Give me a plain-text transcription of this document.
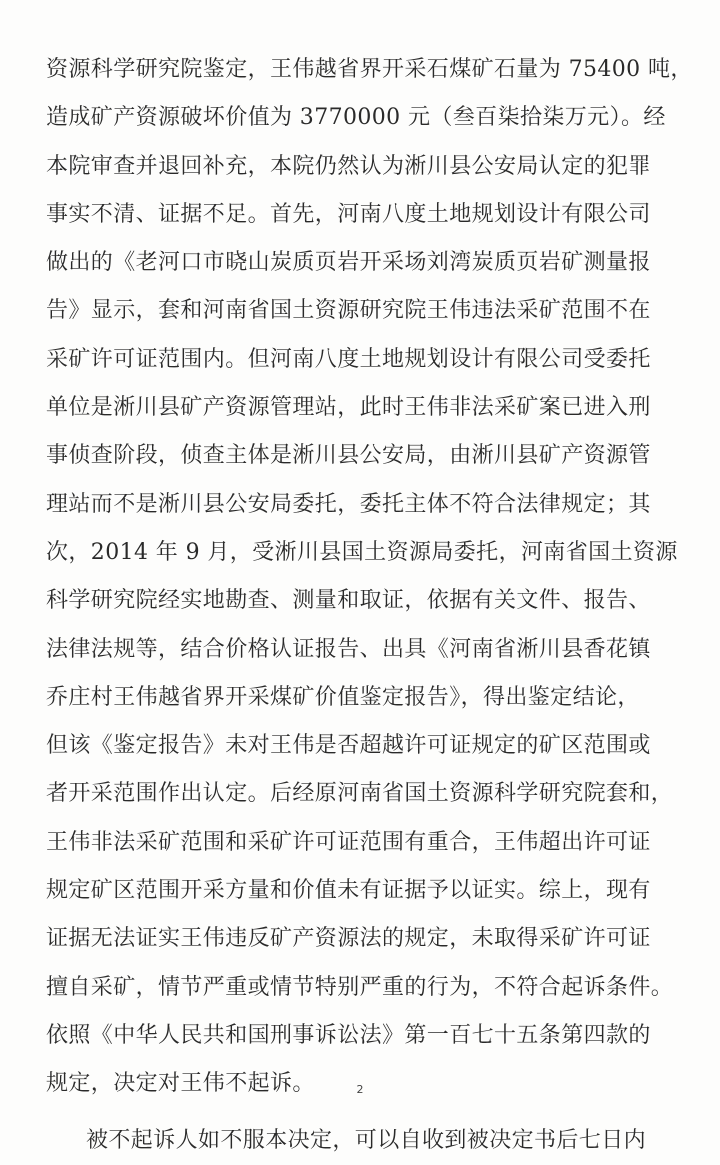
资源科学研究院鉴定，王伟越省界开采石煤矿石量为 75400 吨，
造成矿产资源破坏价值为 3770000 元（叁百柒拾柒万元）。经
本院审查并退回补充，本院仍然认为淅川县公安局认定的犯罪
事实不清、证据不足。首先，河南八度土地规划设计有限公司
做出的《老河口市晓山炭质页岩开采场刘湾炭质页岩矿测量报
告》显示，套和河南省国土资源研究院王伟违法采矿范围不在
采矿许可证范围内。但河南八度土地规划设计有限公司受委托
单位是淅川县矿产资源管理站，此时王伟非法采矿案已进入刑
事侦查阶段，侦查主体是淅川县公安局，由淅川县矿产资源管
理站而不是淅川县公安局委托，委托主体不符合法律规定；其
次，2014 年 9 月，受淅川县国土资源局委托，河南省国土资源
科学研究院经实地勘查、测量和取证，依据有关文件、报告、
法律法规等，结合价格认证报告、出具《河南省淅川县香花镇
乔庄村王伟越省界开采煤矿价值鉴定报告》，得出鉴定结论，
但该《鉴定报告》未对王伟是否超越许可证规定的矿区范围或
者开采范围作出认定。后经原河南省国土资源科学研究院套和，
王伟非法采矿范围和采矿许可证范围有重合，王伟超出许可证
规定矿区范围开采方量和价值未有证据予以证实。综上，现有
证据无法证实王伟违反矿产资源法的规定，未取得采矿许可证
擅自采矿，情节严重或情节特别严重的行为，不符合起诉条件。
依照《中华人民共和国刑事诉讼法》第一百七十五条第四款的
规定，决定对王伟不起诉。
被不起诉人如不服本决定，可以自收到被决定书后七日内
2
